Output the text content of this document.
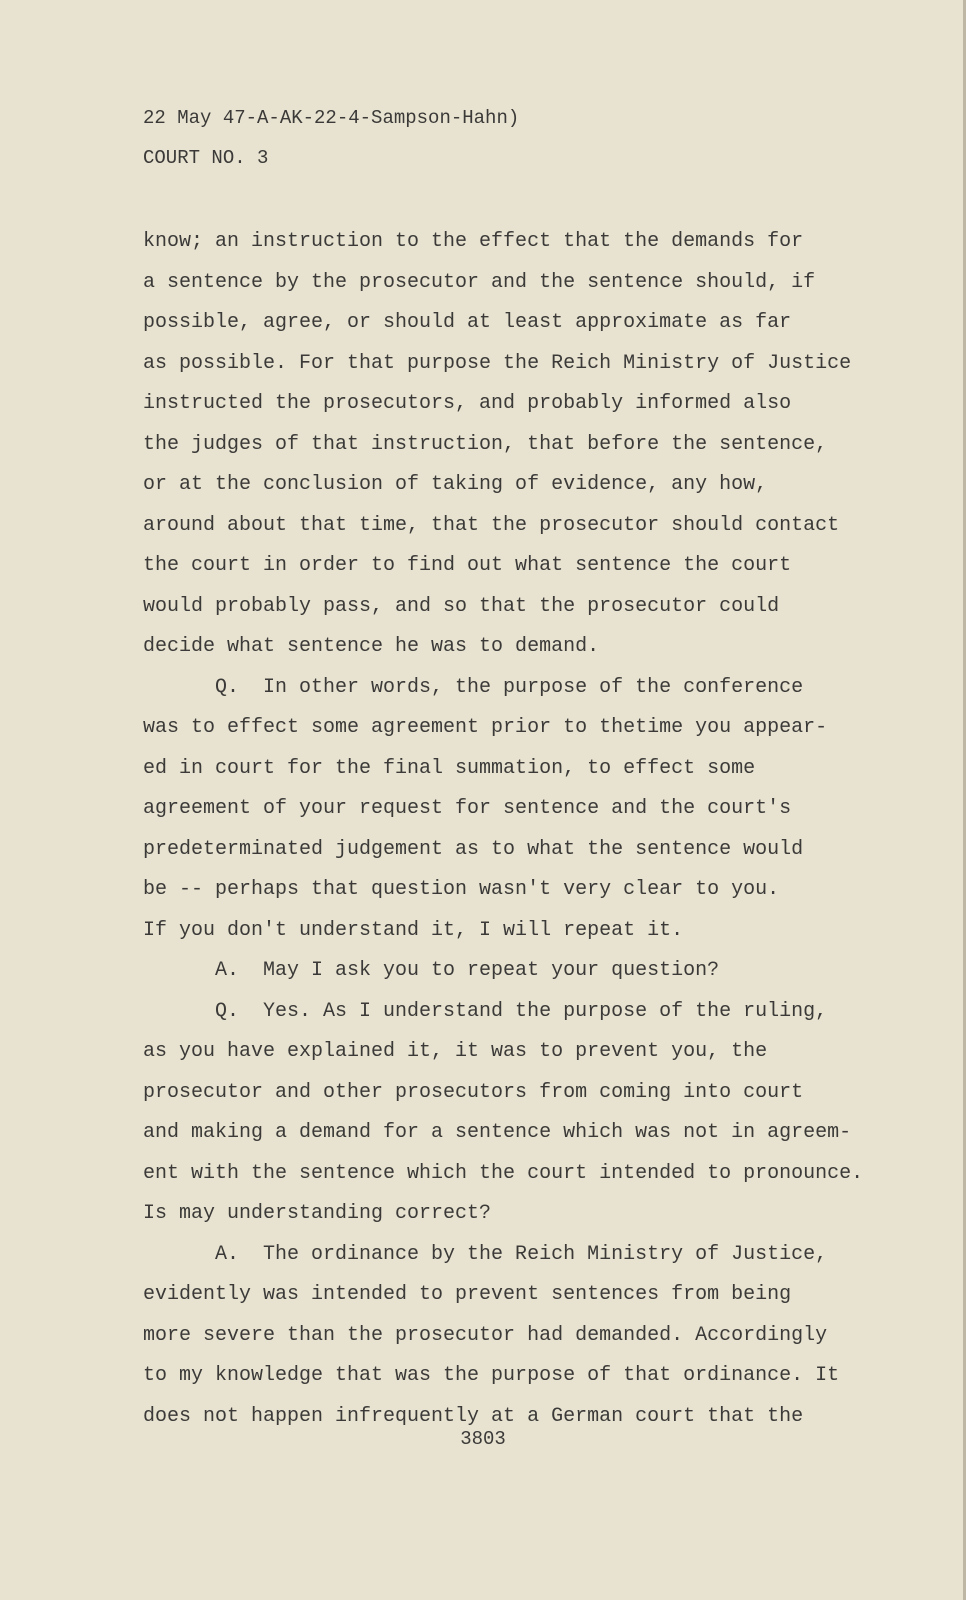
22 May 47-A-AK-22-4-Sampson-Hahn)
COURT NO. 3
know; an instruction to the effect that the demands for
a sentence by the prosecutor and the sentence should, if
possible, agree, or should at least approximate as far
as possible. For that purpose the Reich Ministry of Justice
instructed the prosecutors, and probably informed also
the judges of that instruction, that before the sentence,
or at the conclusion of taking of evidence, any how,
around about that time, that the prosecutor should contact
the court in order to find out what sentence the court
would probably pass, and so that the prosecutor could
decide what sentence he was to demand.
Q.  In other words, the purpose of the conference
was to effect some agreement prior to thetime you appear-
ed in court for the final summation, to effect some
agreement of your request for sentence and the court's
predeterminated judgement as to what the sentence would
be -- perhaps that question wasn't very clear to you.
If you don't understand it, I will repeat it.
A.  May I ask you to repeat your question?
Q.  Yes. As I understand the purpose of the ruling,
as you have explained it, it was to prevent you, the
prosecutor and other prosecutors from coming into court
and making a demand for a sentence which was not in agreem-
ent with the sentence which the court intended to pronounce.
Is may understanding correct?
A.  The ordinance by the Reich Ministry of Justice,
evidently was intended to prevent sentences from being
more severe than the prosecutor had demanded. Accordingly
to my knowledge that was the purpose of that ordinance. It
does not happen infrequently at a German court that the
3803
